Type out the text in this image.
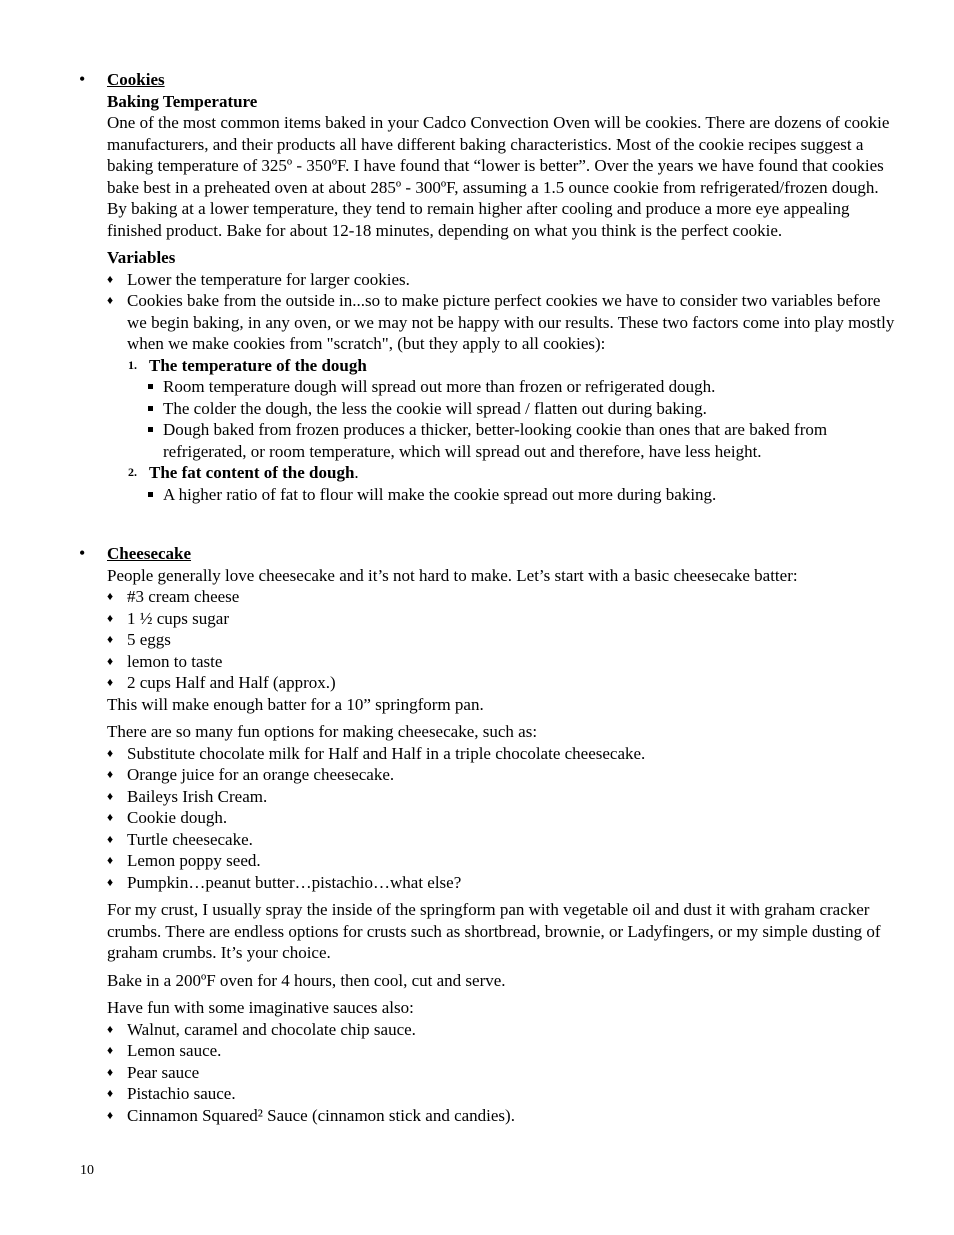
• Cookies
Baking Temperature

One of the most common items baked in your Cadco Convection Oven will be cookies. There are dozens of cookie manufacturers, and their products all have different baking characteristics. Most of the cookie recipes suggest a baking temperature of 325º - 350ºF. I have found that “lower is better”. Over the years we have found that cookies bake best in a preheated oven at about 285º - 300ºF, assuming a 1.5 ounce cookie from refrigerated/frozen dough. By baking at a lower temperature, they tend to remain higher after cooling and produce a more eye appealing finished product. Bake for about 12-18 minutes, depending on what you think is the perfect cookie.

Variables
♦ Lower the temperature for larger cookies.
♦ Cookies bake from the outside in...so to make picture perfect cookies we have to consider two variables before we begin baking, in any oven, or we may not be happy with our results. These two factors come into play mostly when we make cookies from "scratch", (but they apply to all cookies):
1. The temperature of the dough
Room temperature dough will spread out more than frozen or refrigerated dough.
The colder the dough, the less the cookie will spread / flatten out during baking.
Dough baked from frozen produces a thicker, better-looking cookie than ones that are baked from refrigerated, or room temperature, which will spread out and therefore, have less height.
2. The fat content of the dough.
A higher ratio of fat to flour will make the cookie spread out more during baking.
• Cheesecake

People generally love cheesecake and it’s not hard to make. Let’s start with a basic cheesecake batter:

♦ #3 cream cheese
♦ 1 ½ cups sugar
♦ 5 eggs
♦ lemon to taste
♦ 2 cups Half and Half (approx.)

This will make enough batter for a 10” springform pan.

There are so many fun options for making cheesecake, such as:

♦ Substitute chocolate milk for Half and Half in a triple chocolate cheesecake.
♦ Orange juice for an orange cheesecake.
♦ Baileys Irish Cream.
♦ Cookie dough.
♦ Turtle cheesecake.
♦ Lemon poppy seed.
♦ Pumpkin…peanut butter…pistachio…what else?

For my crust, I usually spray the inside of the springform pan with vegetable oil and dust it with graham cracker crumbs. There are endless options for crusts such as shortbread, brownie, or Ladyfingers, or my simple dusting of graham crumbs. It’s your choice.

Bake in a 200ºF oven for 4 hours, then cool, cut and serve.

Have fun with some imaginative sauces also:

♦ Walnut, caramel and chocolate chip sauce.
♦ Lemon sauce.
♦ Pear sauce
♦ Pistachio sauce.
♦ Cinnamon Squared² Sauce (cinnamon stick and candies).
10
